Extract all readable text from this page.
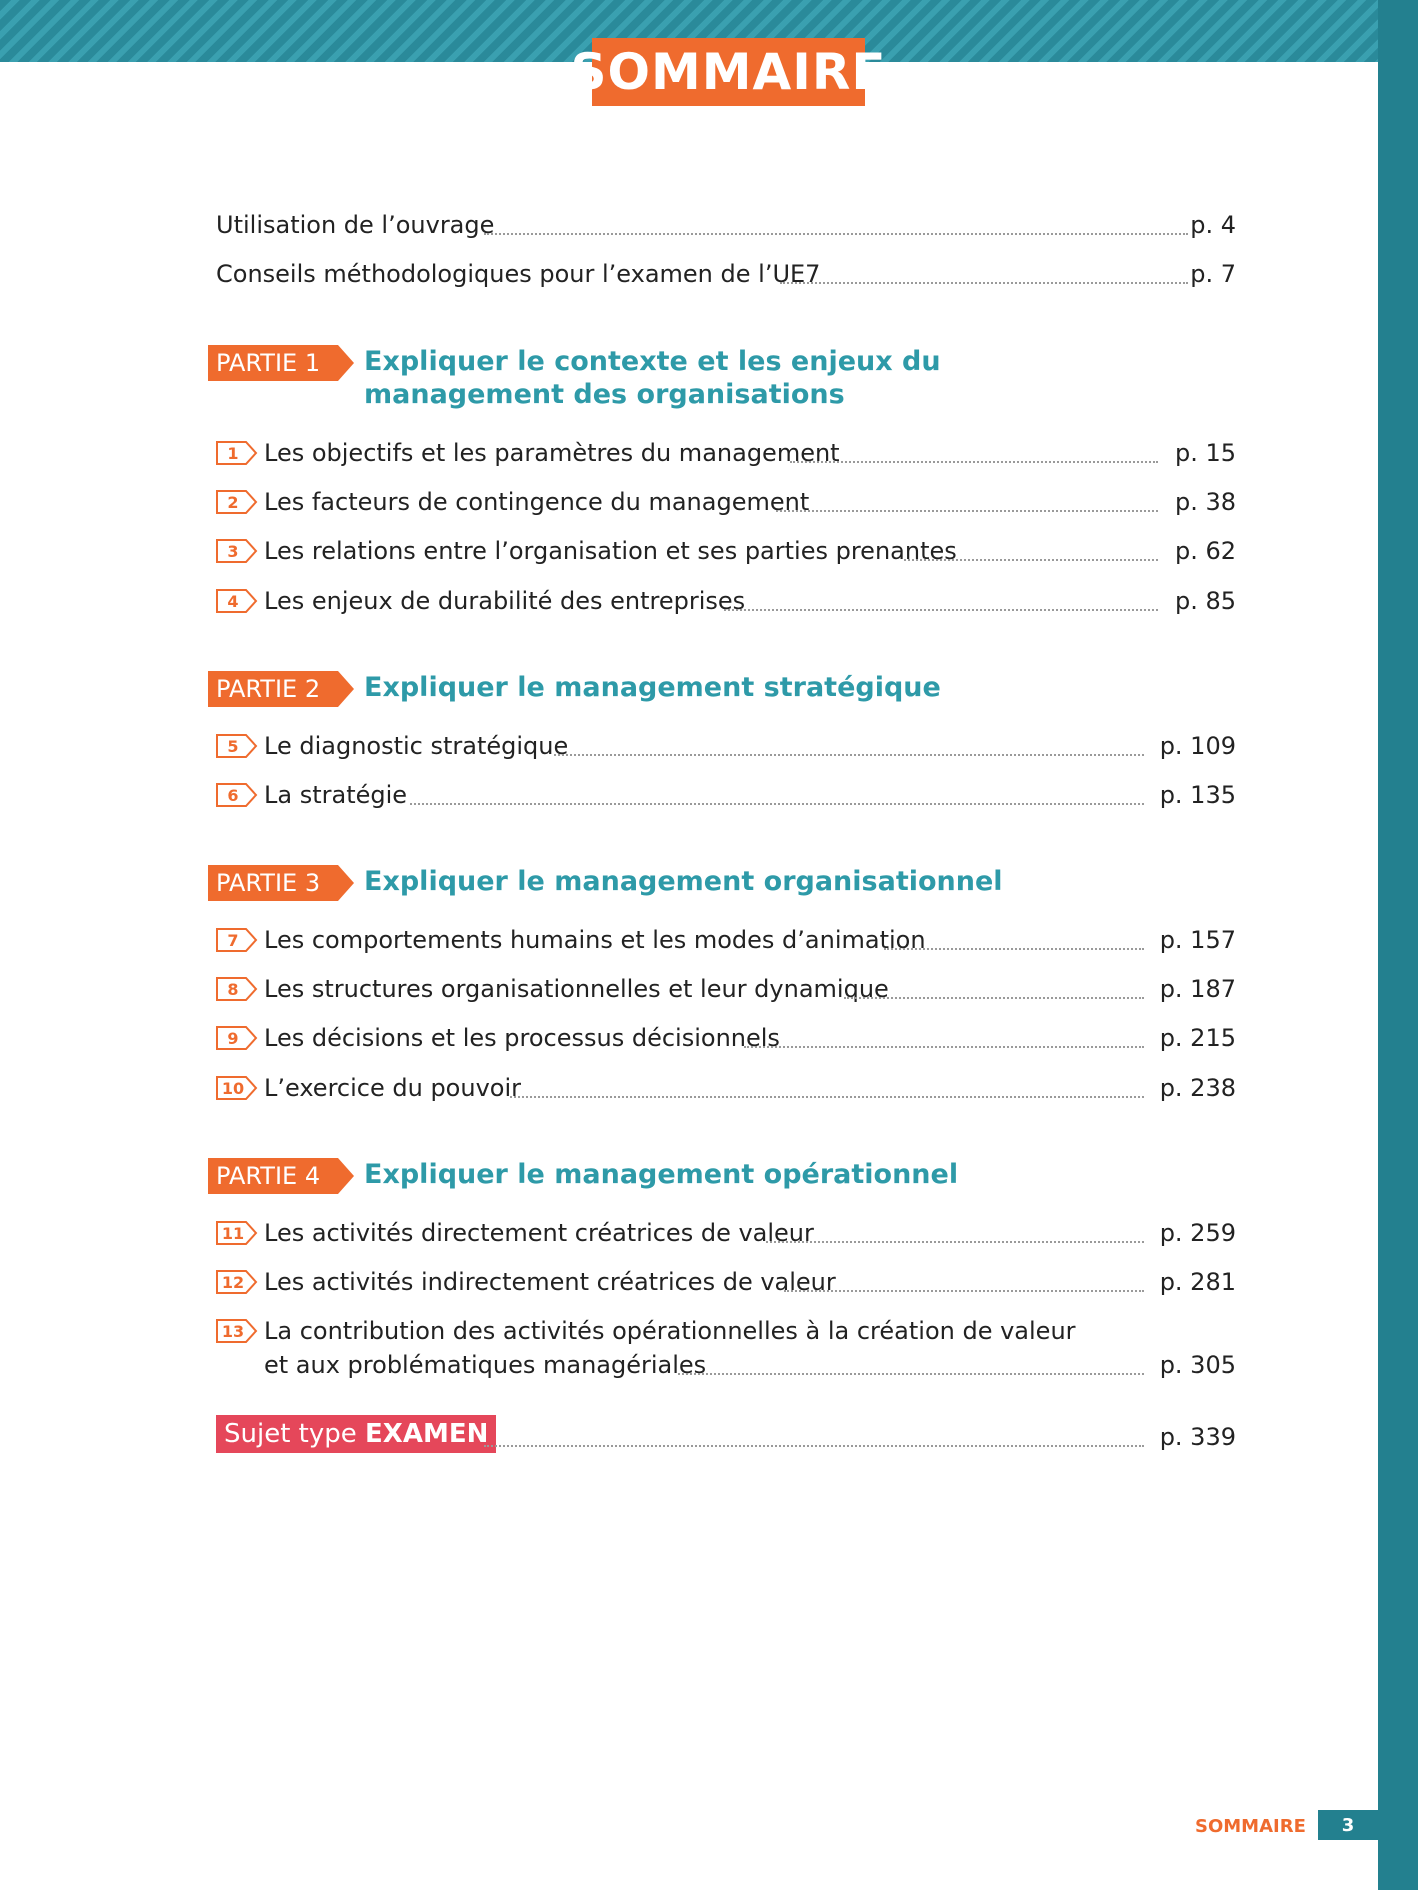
SOMMAIRE
Utilisation de l’ouvrage	p. 4
Conseils méthodologiques pour l’examen de l’UE7	p. 7
PARTIE 1 Expliquer le contexte et les enjeux du management des organisations
1	Les objectifs et les paramètres du management	p. 15
2	Les facteurs de contingence du management	p. 38
3	Les relations entre l’organisation et ses parties prenantes	p. 62
4	Les enjeux de durabilité des entreprises	p. 85
PARTIE 2 Expliquer le management stratégique
5	Le diagnostic stratégique	p. 109
6	La stratégie	p. 135
PARTIE 3 Expliquer le management organisationnel
7	Les comportements humains et les modes d’animation	p. 157
8	Les structures organisationnelles et leur dynamique	p. 187
9	Les décisions et les processus décisionnels	p. 215
10 L’exercice du pouvoir	p. 238
PARTIE 4 Expliquer le management opérationnel
11 Les activités directement créatrices de valeur	p. 259
12 Les activités indirectement créatrices de valeur	p. 281
13 La contribution des activités opérationnelles à la création de valeur
et aux problématiques managériales	p. 305
Sujet type EXAMEN	p. 339
SOMMAIRE	3
